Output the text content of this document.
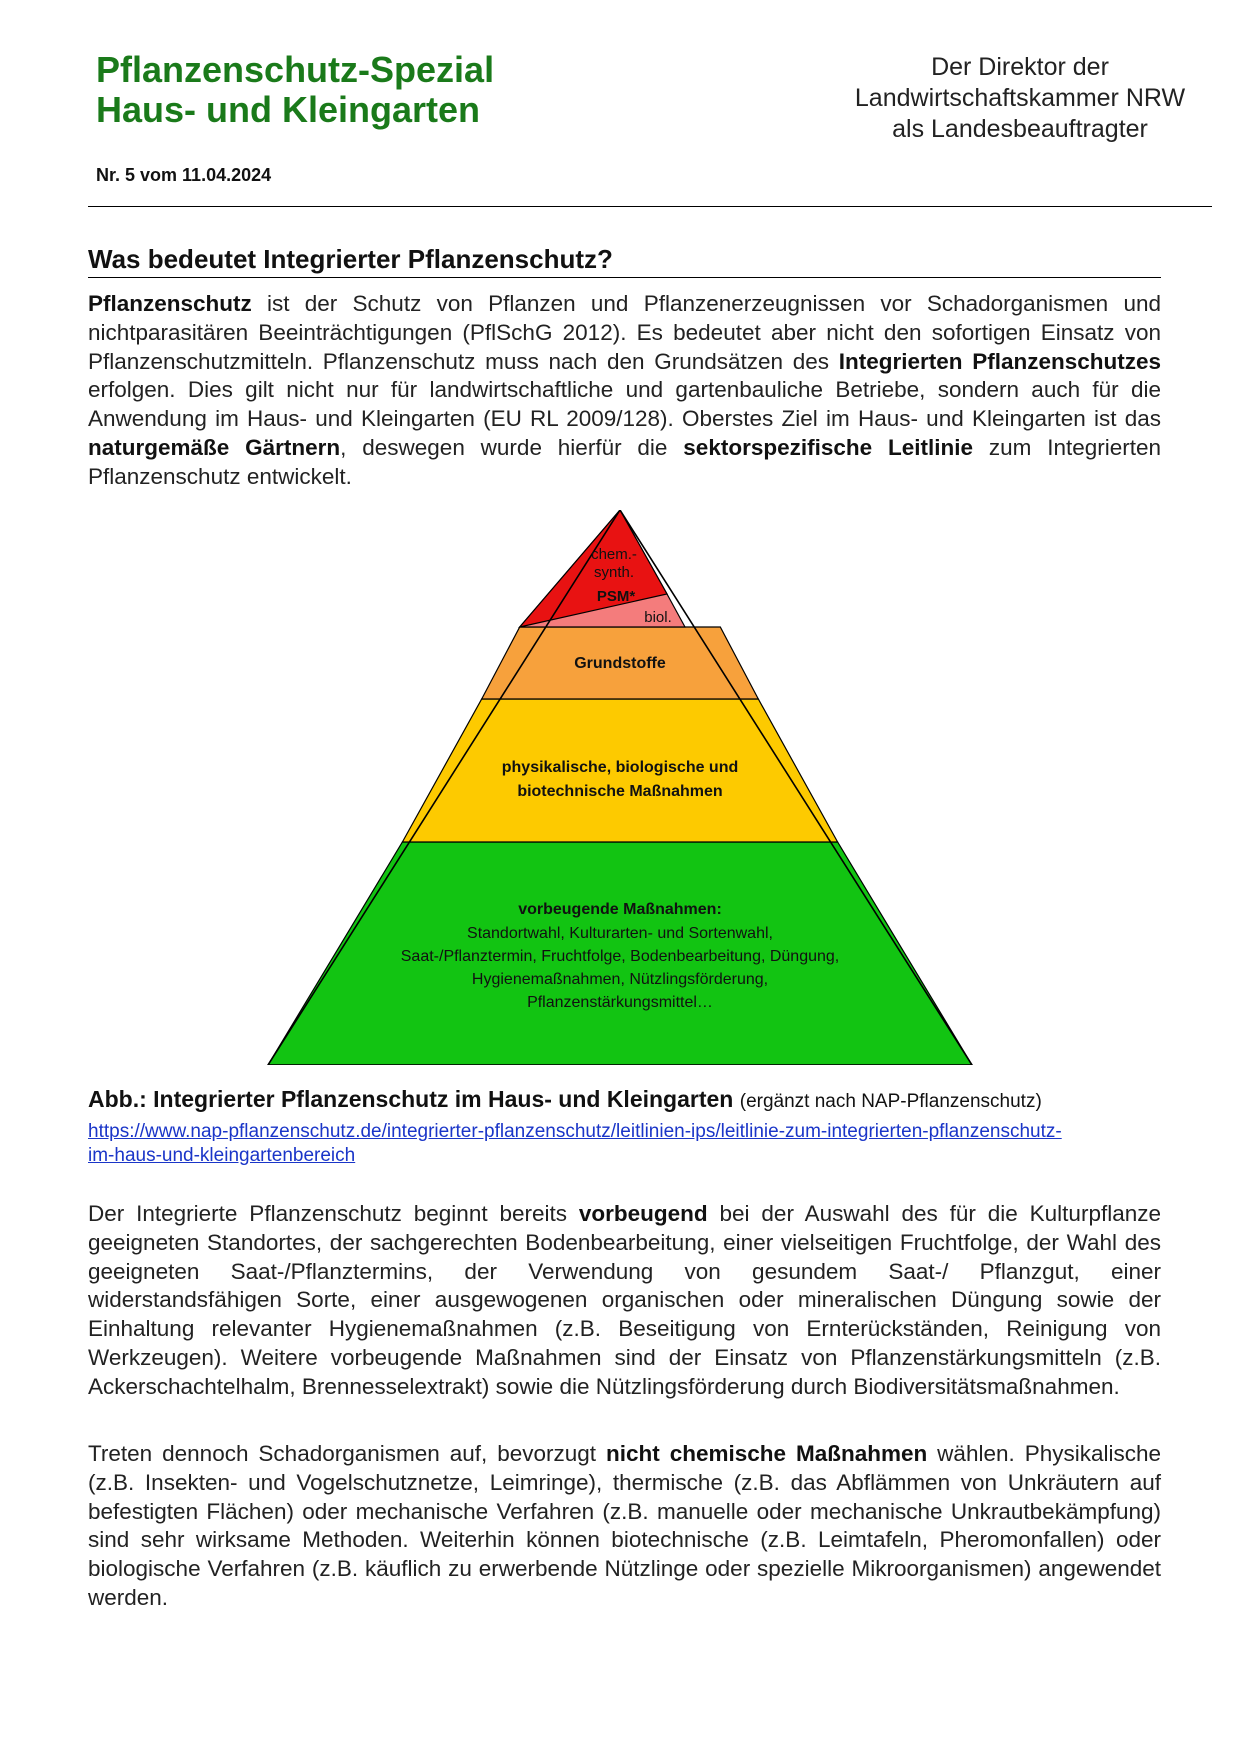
Pflanzenschutz-Spezial
Haus- und Kleingarten
Der Direktor der
Landwirtschaftskammer NRW
als Landesbeauftragter
Nr. 5 vom 11.04.2024
Was bedeutet Integrierter Pflanzenschutz?

Pflanzenschutz ist der Schutz von Pflanzen und Pflanzenerzeugnissen vor Schadorganismen und nichtparasitären Beeinträchtigungen (PflSchG 2012). Es bedeutet aber nicht den sofortigen Einsatz von Pflanzenschutzmitteln. Pflanzenschutz muss nach den Grundsätzen des Integrierten Pflanzenschutzes erfolgen. Dies gilt nicht nur für landwirtschaftliche und gartenbauliche Betriebe, sondern auch für die Anwendung im Haus- und Kleingarten (EU RL 2009/128). Oberstes Ziel im Haus- und Kleingarten ist das naturgemäße Gärtnern, deswegen wurde hierfür die sektorspezifische Leitlinie zum Integrierten Pflanzenschutz entwickelt.

chem.-
synth.
PSM*
biol.
Grundstoffe
physikalische, biologische und
biotechnische Maßnahmen
vorbeugende Maßnahmen:
Standortwahl, Kulturarten- und Sortenwahl,
Saat-/Pflanztermin, Fruchtfolge, Bodenbearbeitung, Düngung,
Hygienemaßnahmen, Nützlingsförderung,
Pflanzenstärkungsmittel…
Abb.: Integrierter Pflanzenschutz im Haus- und Kleingarten (ergänzt nach NAP-Pflanzenschutz)
https://www.nap-pflanzenschutz.de/integrierter-pflanzenschutz/leitlinien-ips/leitlinie-zum-integrierten-pflanzenschutz-
im-haus-und-kleingartenbereich

Der Integrierte Pflanzenschutz beginnt bereits vorbeugend bei der Auswahl des für die Kulturpflanze geeigneten Standortes, der sachgerechten Bodenbearbeitung, einer vielseitigen Fruchtfolge, der Wahl des geeigneten Saat-/Pflanztermins, der Verwendung von gesundem Saat-/ Pflanzgut, einer widerstandsfähigen Sorte, einer ausgewogenen organischen oder mineralischen Düngung sowie der Einhaltung relevanter Hygienemaßnahmen (z.B. Beseitigung von Ernterückständen, Reinigung von Werkzeugen). Weitere vorbeugende Maßnahmen sind der Einsatz von Pflanzenstärkungsmitteln (z.B. Ackerschachtelhalm, Brennesselextrakt) sowie die Nützlingsförderung durch Biodiversitätsmaßnahmen.

Treten dennoch Schadorganismen auf, bevorzugt nicht chemische Maßnahmen wählen. Physikalische (z.B. Insekten- und Vogelschutznetze, Leimringe), thermische (z.B. das Abflämmen von Unkräutern auf befestigten Flächen) oder mechanische Verfahren (z.B. manuelle oder mechanische Unkrautbekämpfung) sind sehr wirksame Methoden. Weiterhin können biotechnische (z.B. Leimtafeln, Pheromonfallen) oder biologische Verfahren (z.B. käuflich zu erwerbende Nützlinge oder spezielle Mikroorganismen) angewendet werden.
